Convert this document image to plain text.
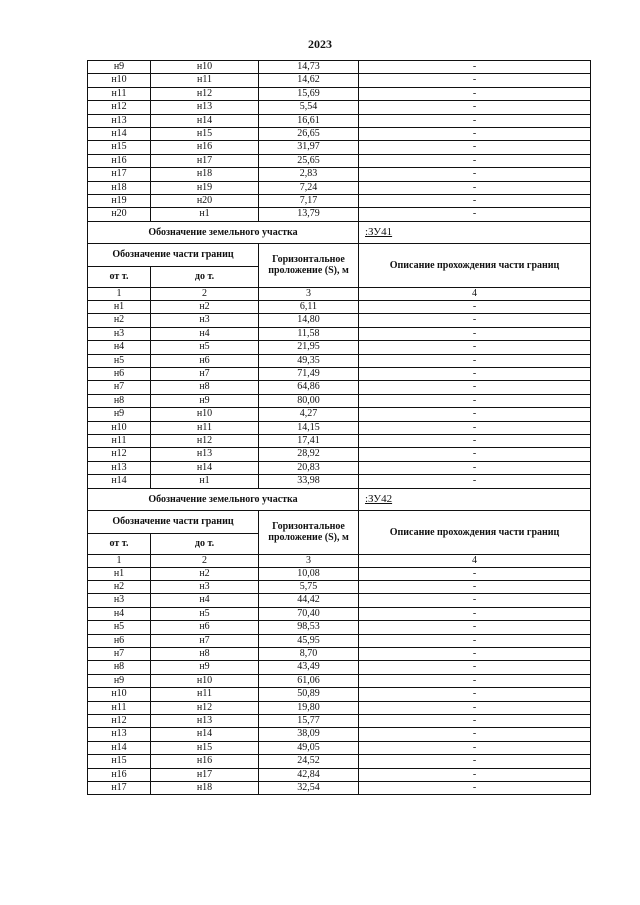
2023
н9	н10	14,73	-
н10	н11	14,62	-
н11	н12	15,69	-
н12	н13	5,54	-
н13	н14	16,61	-
н14	н15	26,65	-
н15	н16	31,97	-
н16	н17	25,65	-
н17	н18	2,83	-
н18	н19	7,24	-
н19	н20	7,17	-
н20	н1	13,79	-
Обозначение земельного участка			:ЗУ41
Обозначение части границ		Горизонтальное проложение (S), м	Описание прохождения части границ
от т.	до т.		
1	2	3	4
н1	н2	6,11	-
н2	н3	14,80	-
н3	н4	11,58	-
н4	н5	21,95	-
н5	н6	49,35	-
н6	н7	71,49	-
н7	н8	64,86	-
н8	н9	80,00	-
н9	н10	4,27	-
н10	н11	14,15	-
н11	н12	17,41	-
н12	н13	28,92	-
н13	н14	20,83	-
н14	н1	33,98	-
Обозначение земельного участка			:ЗУ42
Обозначение части границ		Горизонтальное проложение (S), м	Описание прохождения части границ
от т.	до т.		
1	2	3	4
н1	н2	10,08	-
н2	н3	5,75	-
н3	н4	44,42	-
н4	н5	70,40	-
н5	н6	98,53	-
н6	н7	45,95	-
н7	н8	8,70	-
н8	н9	43,49	-
н9	н10	61,06	-
н10	н11	50,89	-
н11	н12	19,80	-
н12	н13	15,77	-
н13	н14	38,09	-
н14	н15	49,05	-
н15	н16	24,52	-
н16	н17	42,84	-
н17	н18	32,54	-
